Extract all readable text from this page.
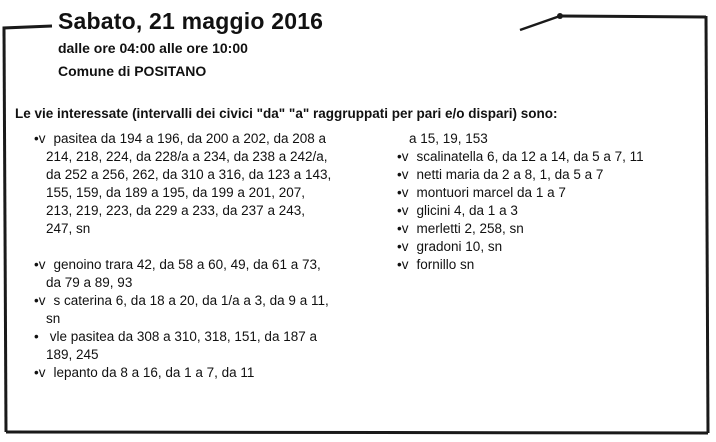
Sabato, 21 maggio 2016
dalle ore 04:00 alle ore 10:00
Comune di POSITANO
Le vie interessate (intervalli dei civici "da" "a" raggruppati per pari e/o dispari) sono:
•v pasitea da 194 a 196, da 200 a 202, da 208 a 214, 218, 224, da 228/a a 234, da 238 a 242/a, da 252 a 256, 262, da 310 a 316, da 123 a 143, 155, 159, da 189 a 195, da 199 a 201, 207, 213, 219, 223, da 229 a 233, da 237 a 243, 247, sn
•v genoino trara 42, da 58 a 60, 49, da 61 a 73, da 79 a 89, 93
•v s caterina 6, da 18 a 20, da 1/a a 3, da 9 a 11, sn
• vle pasitea da 308 a 310, 318, 151, da 187 a 189, 245
•v lepanto da 8 a 16, da 1 a 7, da 11
a 15, 19, 153
•v scalinatella 6, da 12 a 14, da 5 a 7, 11
•v netti maria da 2 a 8, 1, da 5 a 7
•v montuori marcel da 1 a 7
•v glicini 4, da 1 a 3
•v merletti 2, 258, sn
•v gradoni 10, sn
•v fornillo sn
